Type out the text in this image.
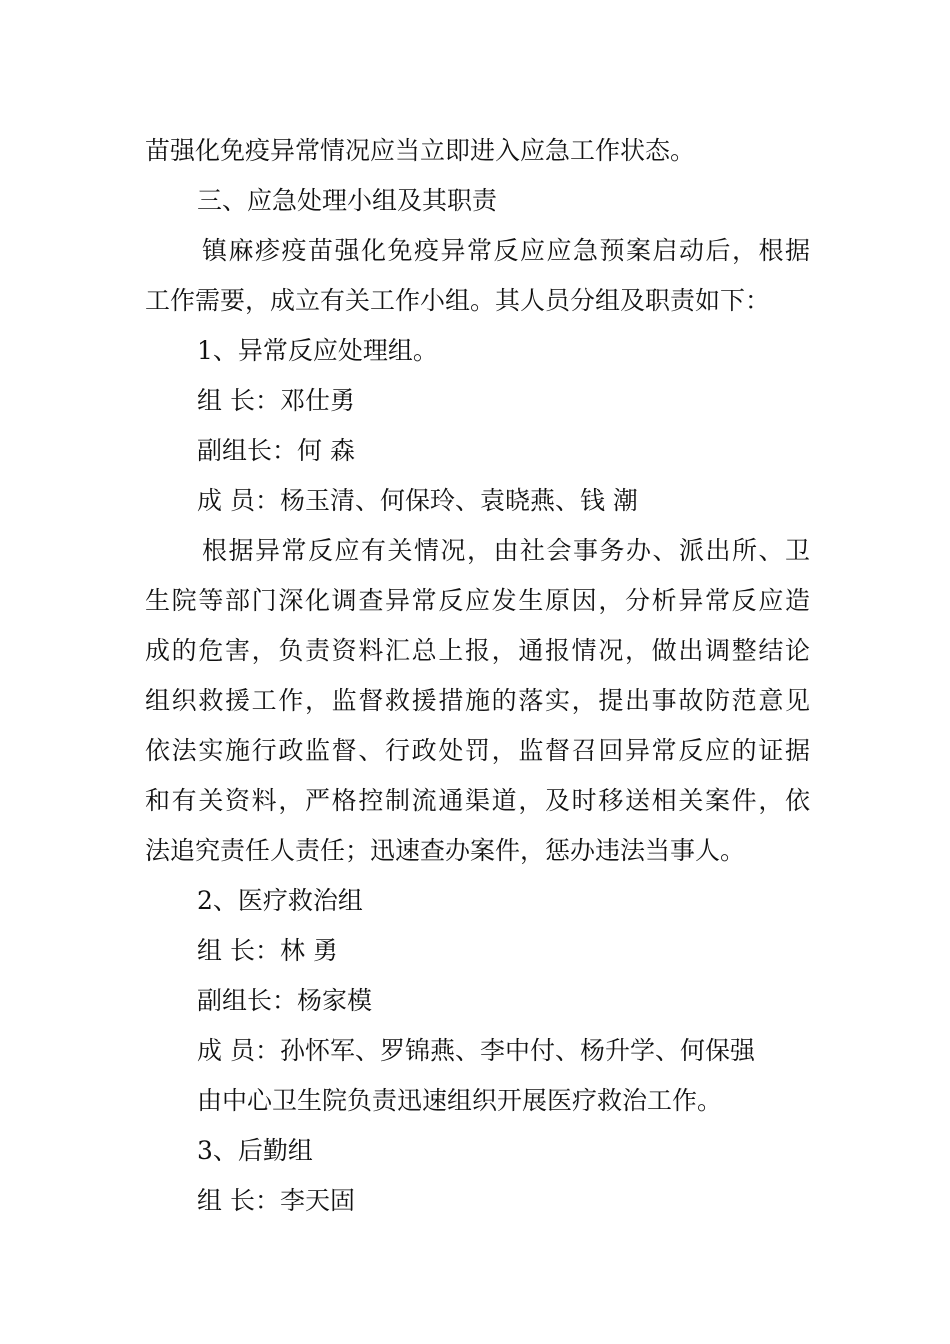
苗强化免疫异常情况应当立即进入应急工作状态。
三、应急处理小组及其职责
镇麻疹疫苗强化免疫异常反应应急预案启动后，根据
工作需要，成立有关工作小组。其人员分组及职责如下：
1、异常反应处理组。
组 长：邓仕勇
副组长：何 森
成 员：杨玉清、何保玲、袁晓燕、钱 潮
根据异常反应有关情况，由社会事务办、派出所、卫
生院等部门深化调查异常反应发生原因，分析异常反应造
成的危害，负责资料汇总上报，通报情况，做出调整结论
组织救援工作，监督救援措施的落实，提出事故防范意见
依法实施行政监督、行政处罚，监督召回异常反应的证据
和有关资料，严格控制流通渠道，及时移送相关案件，依
法追究责任人责任；迅速查办案件，惩办违法当事人。
2、医疗救治组
组 长：林 勇
副组长：杨家模
成 员：孙怀军、罗锦燕、李中付、杨升学、何保强
由中心卫生院负责迅速组织开展医疗救治工作。
3、后勤组
组 长：李天固
